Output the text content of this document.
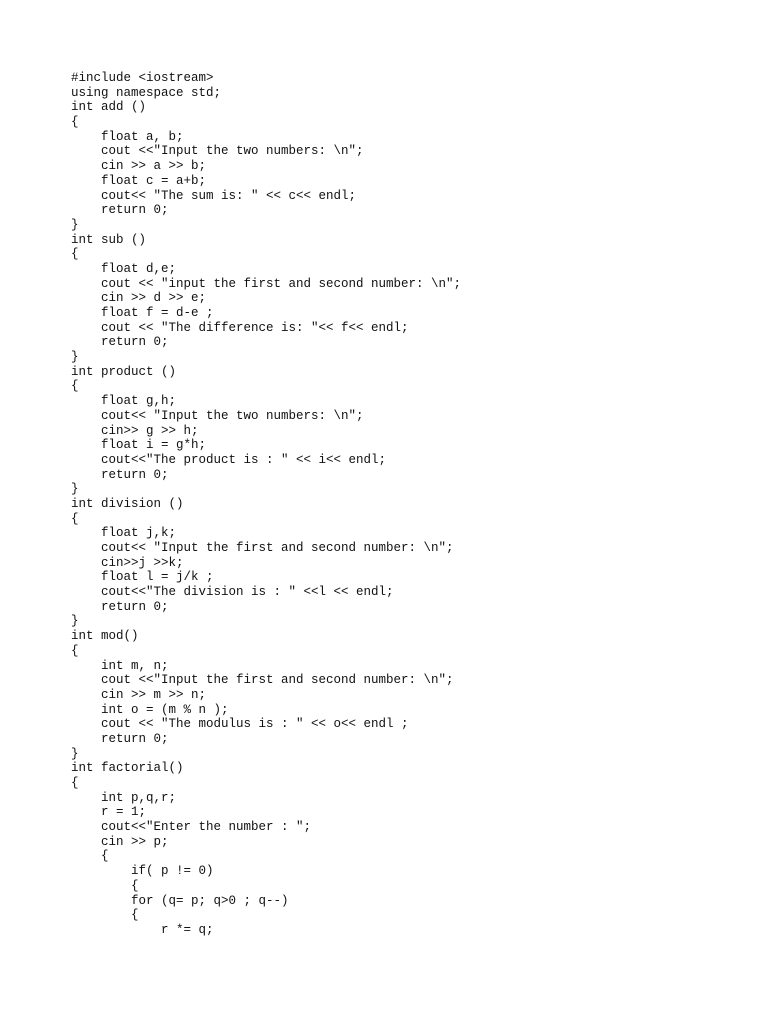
#include <iostream>
using namespace std;
int add ()
{
float a, b;
cout <<"Input the two numbers: \n";
cin >> a >> b;
float c = a+b;
cout<< "The sum is: " << c<< endl;
return 0;
}
int sub ()
{
float d,e;
cout << "input the first and second number: \n";
cin >> d >> e;
float f = d-e ;
cout << "The difference is: "<< f<< endl;
return 0;
}
int product ()
{
float g,h;
cout<< "Input the two numbers: \n";
cin>> g >> h;
float i = g*h;
cout<<"The product is : " << i<< endl;
return 0;
}
int division ()
{
float j,k;
cout<< "Input the first and second number: \n";
cin>>j >>k;
float l = j/k ;
cout<<"The division is : " <<l << endl;
return 0;
}
int mod()
{
int m, n;
cout <<"Input the first and second number: \n";
cin >> m >> n;
int o = (m % n );
cout << "The modulus is : " << o<< endl ;
return 0;
}
int factorial()
{
int p,q,r;
r = 1;
cout<<"Enter the number : ";
cin >> p;
{
if( p != 0)
{
for (q= p; q>0 ; q--)
{
r *= q;
